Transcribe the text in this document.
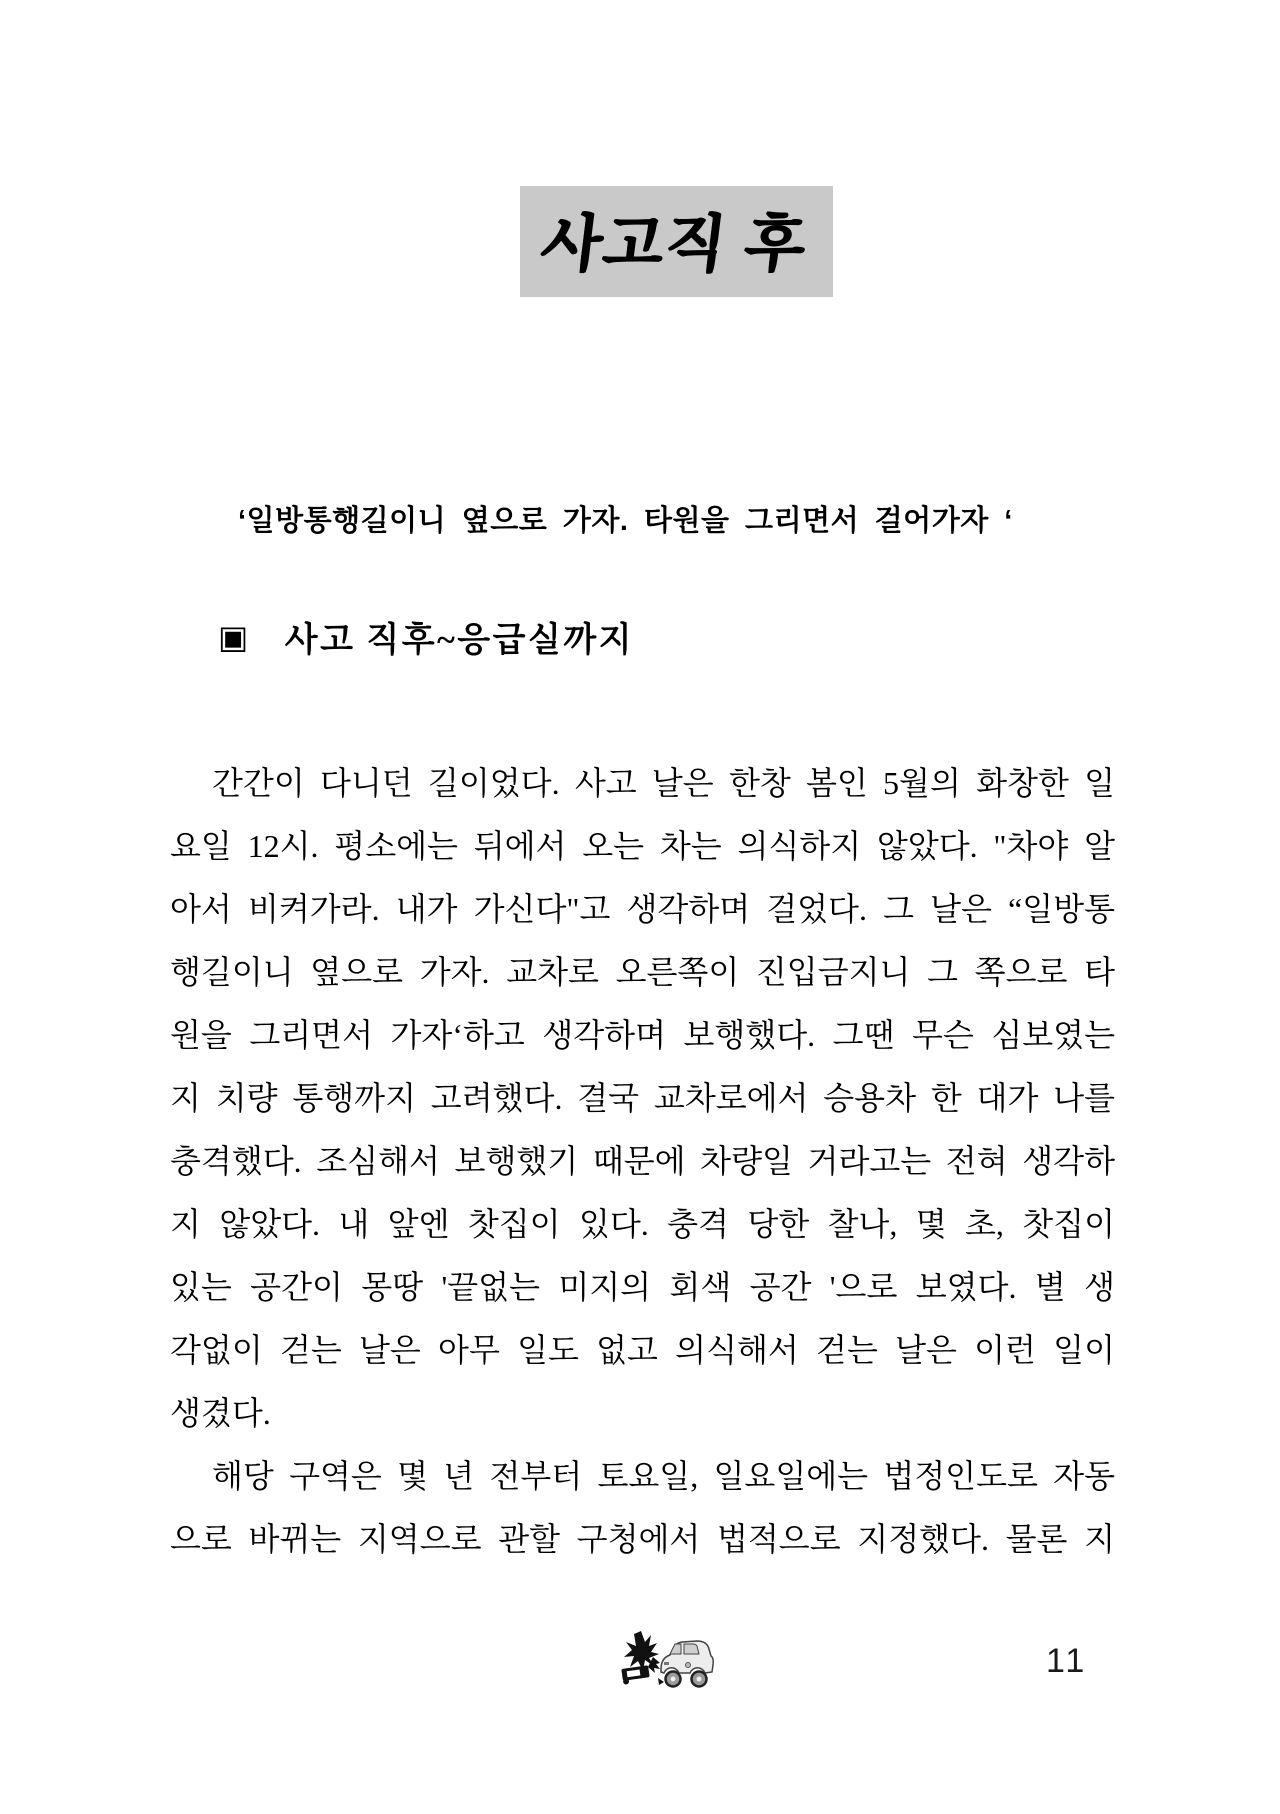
사고직 후
‘일방통행길이니 옆으로 가자. 타원을 그리면서 걸어가자 ‘
▣ 사고 직후~응급실까지
간간이 다니던 길이었다. 사고 날은 한창 봄인 5월의 화창한 일
요일 12시. 평소에는 뒤에서 오는 차는 의식하지 않았다. "차야 알
아서 비켜가라. 내가 가신다"고 생각하며 걸었다. 그 날은 “일방통
행길이니 옆으로 가자. 교차로 오른쪽이 진입금지니 그 쪽으로 타
원을 그리면서 가자‘하고 생각하며 보행했다. 그땐 무슨 심보였는
지 치량 통행까지 고려했다. 결국 교차로에서 승용차 한 대가 나를
충격했다. 조심해서 보행했기 때문에 차량일 거라고는 전혀 생각하
지 않았다. 내 앞엔 찻집이 있다. 충격 당한 찰나, 몇 초, 찻집이
있는 공간이 몽땅 '끝없는 미지의 회색 공간 '으로 보였다. 별 생
각없이 걷는 날은 아무 일도 없고 의식해서 걷는 날은 이런 일이
생겼다.
해당 구역은 몇 년 전부터 토요일, 일요일에는 법정인도로 자동
으로 바뀌는 지역으로 관할 구청에서 법적으로 지정했다. 물론 지
11
